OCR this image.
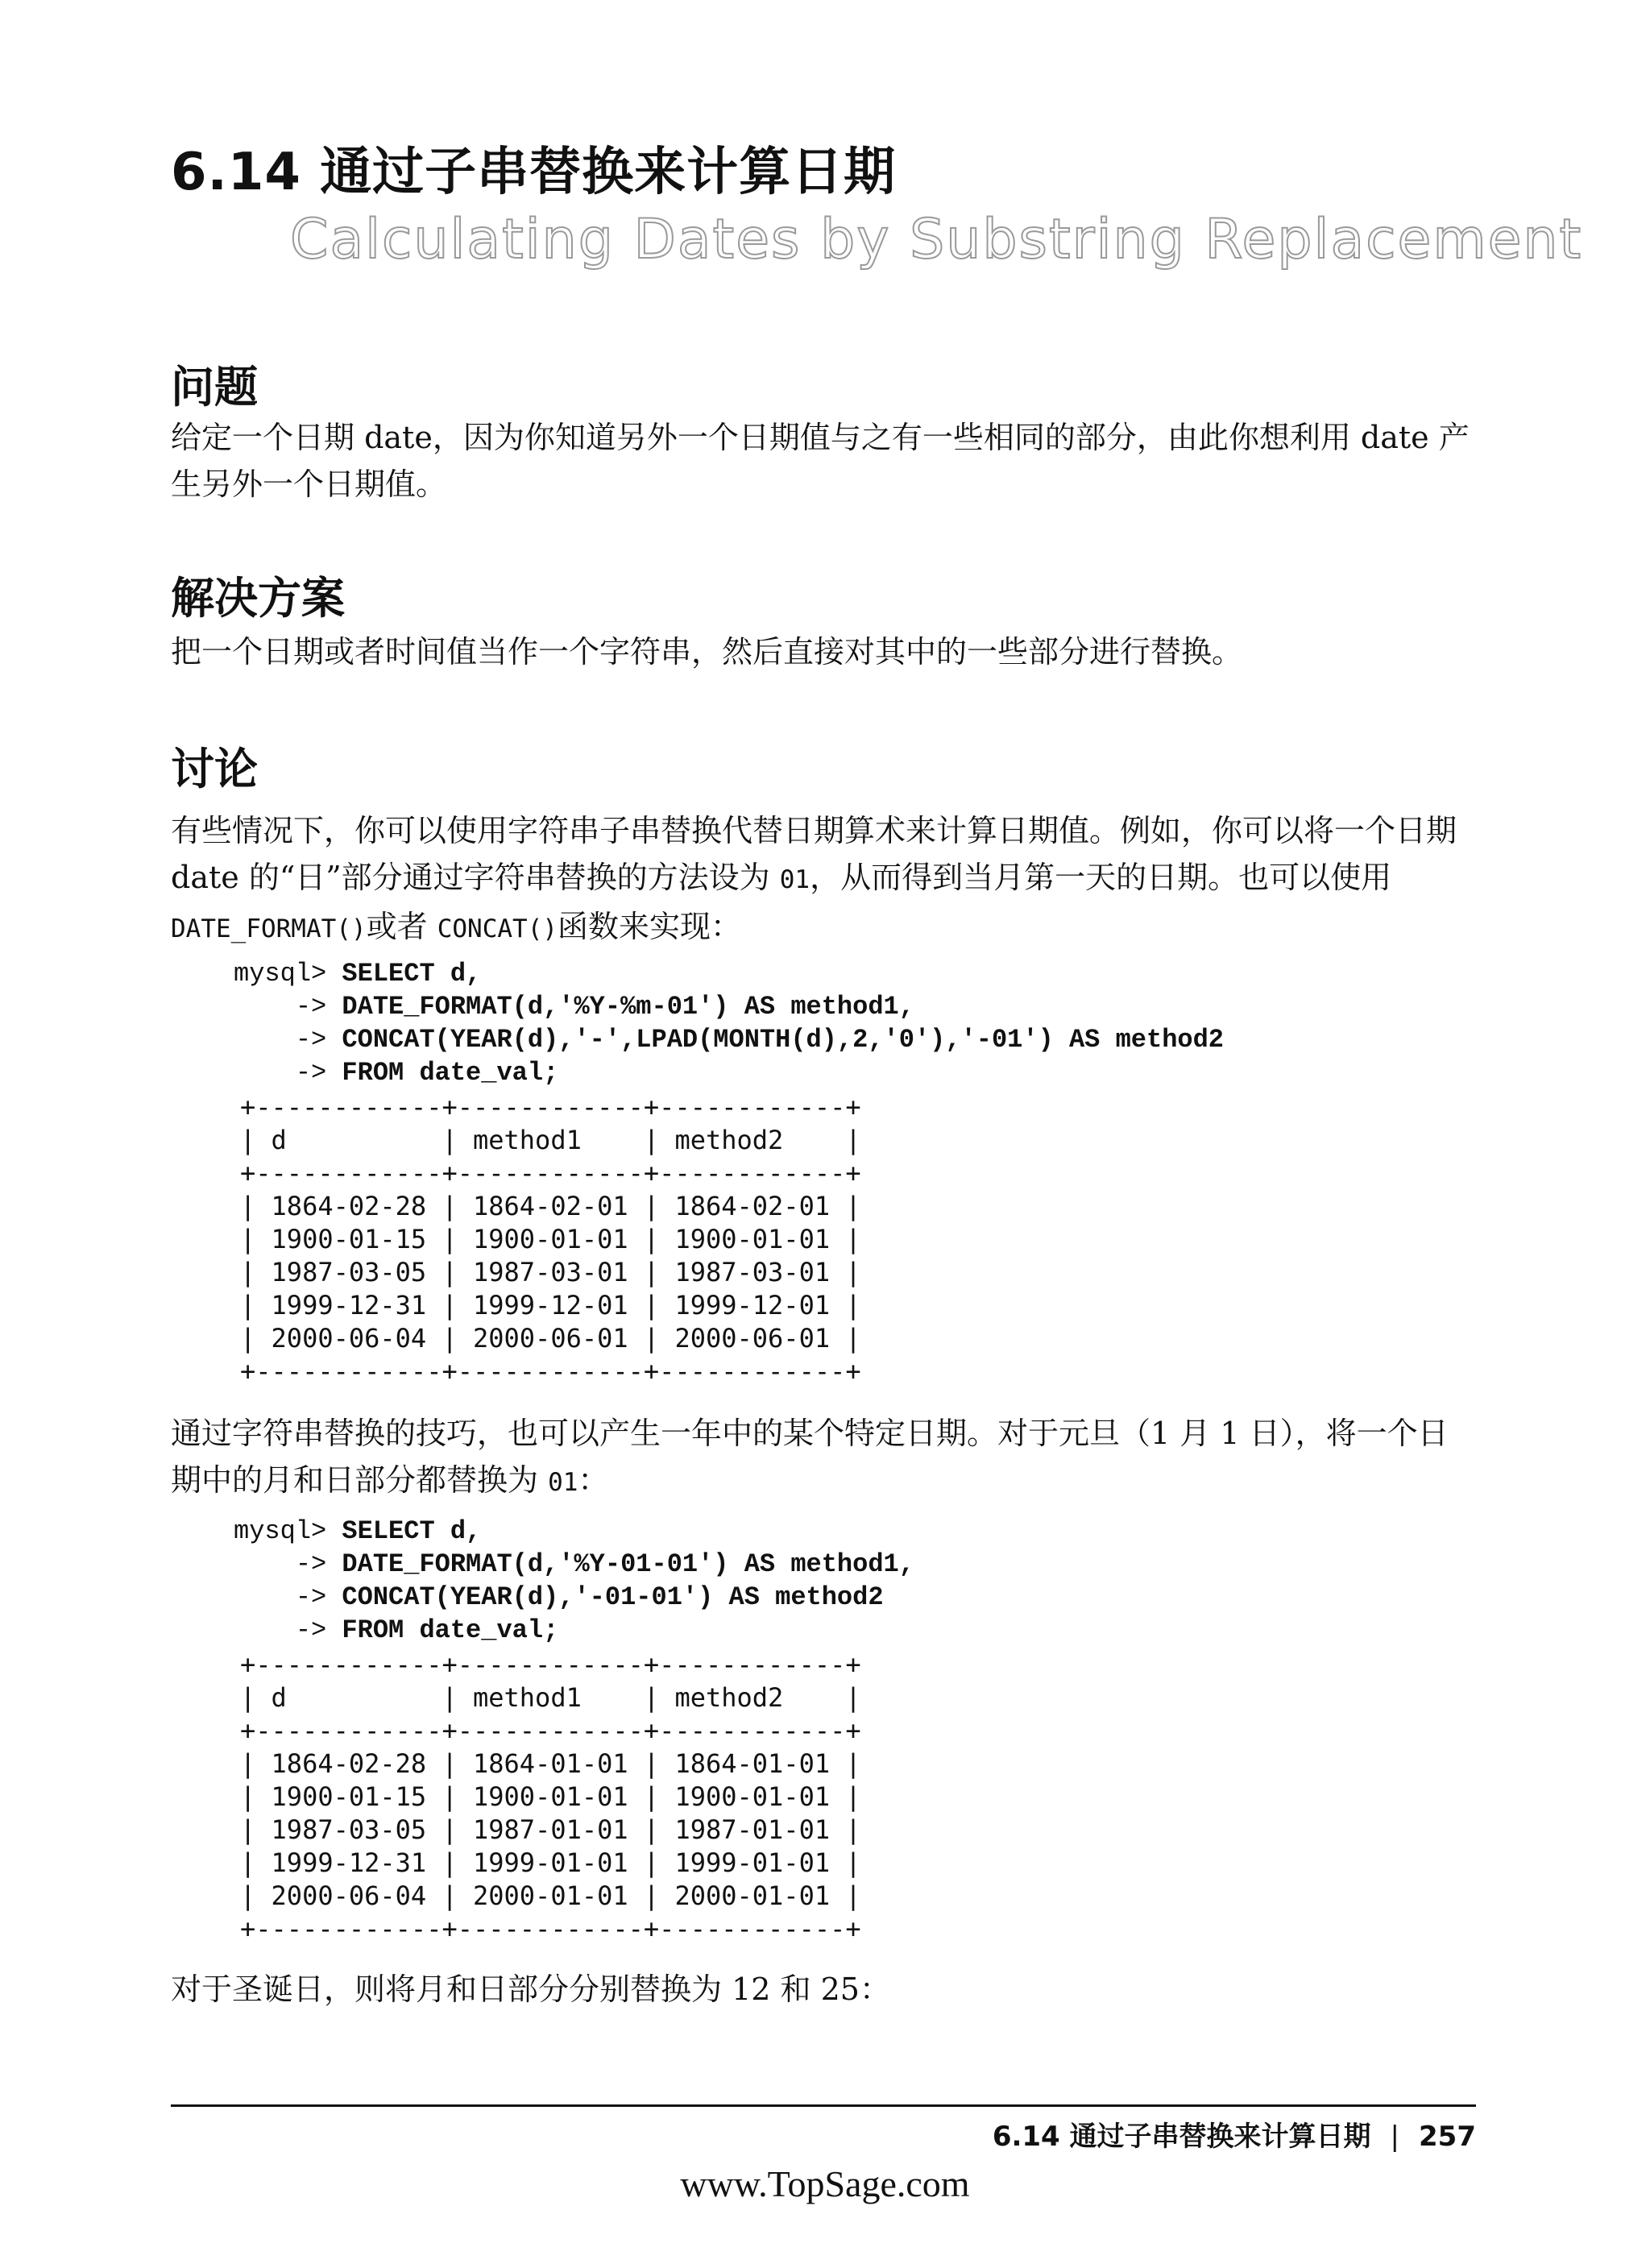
6.14 通过子串替换来计算日期
Calculating Dates by Substring Replacement
问题

给定一个日期 date，因为你知道另外一个日期值与之有一些相同的部分，由此你想利用 date 产生另外一个日期值。

解决方案

把一个日期或者时间值当作一个字符串，然后直接对其中的一些部分进行替换。

讨论

有些情况下，你可以使用字符串子串替换代替日期算术来计算日期值。例如，你可以将一个日期 date 的“日”部分通过字符串替换的方法设为 01，从而得到当月第一天的日期。也可以使用 DATE_FORMAT()或者 CONCAT()函数来实现：

mysql> SELECT d,
-> DATE_FORMAT(d,'%Y-%m-01') AS method1,
-> CONCAT(YEAR(d),'-',LPAD(MONTH(d),2,'0'),'-01') AS method2
-> FROM date_val;
+------------+------------+------------+
| d          | method1    | method2    |
+------------+------------+------------+
| 1864-02-28 | 1864-02-01 | 1864-02-01 |
| 1900-01-15 | 1900-01-01 | 1900-01-01 |
| 1987-03-05 | 1987-03-01 | 1987-03-01 |
| 1999-12-31 | 1999-12-01 | 1999-12-01 |
| 2000-06-04 | 2000-06-01 | 2000-06-01 |
+------------+------------+------------+

通过字符串替换的技巧，也可以产生一年中的某个特定日期。对于元旦（1 月 1 日），将一个日期中的月和日部分都替换为 01：

mysql> SELECT d,
-> DATE_FORMAT(d,'%Y-01-01') AS method1,
-> CONCAT(YEAR(d),'-01-01') AS method2
-> FROM date_val;
+------------+------------+------------+
| d          | method1    | method2    |
+------------+------------+------------+
| 1864-02-28 | 1864-01-01 | 1864-01-01 |
| 1900-01-15 | 1900-01-01 | 1900-01-01 |
| 1987-03-05 | 1987-01-01 | 1987-01-01 |
| 1999-12-31 | 1999-01-01 | 1999-01-01 |
| 2000-06-04 | 2000-01-01 | 2000-01-01 |
+------------+------------+------------+

对于圣诞日，则将月和日部分分别替换为 12 和 25：

6.14 通过子串替换来计算日期 | 257

www.TopSage.com
